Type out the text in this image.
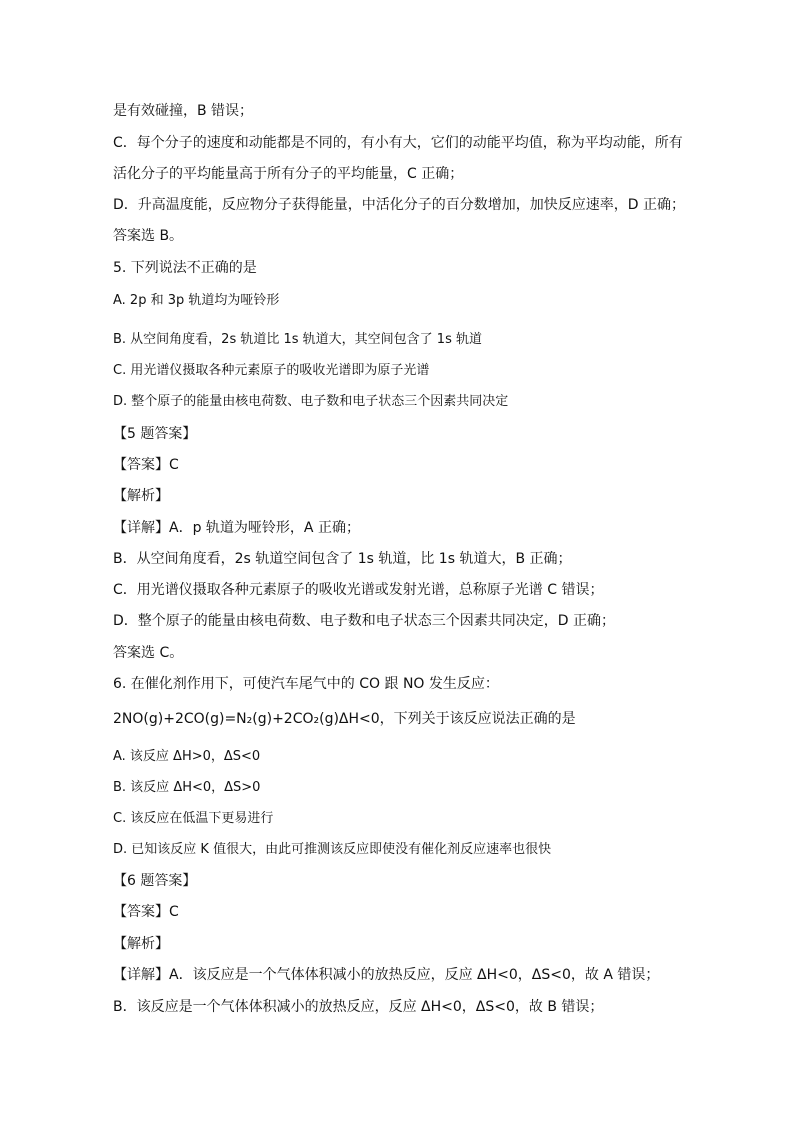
是有效碰撞，B 错误；
C．每个分子的速度和动能都是不同的，有小有大，它们的动能平均值，称为平均动能，所有
活化分子的平均能量高于所有分子的平均能量，C 正确；
D．升高温度能，反应物分子获得能量，中活化分子的百分数增加，加快反应速率，D 正确；
答案选 B。
5. 下列说法不正确的是
A. 2p 和 3p 轨道均为哑铃形
B. 从空间角度看，2s 轨道比 1s 轨道大，其空间包含了 1s 轨道
C. 用光谱仪摄取各种元素原子的吸收光谱即为原子光谱
D. 整个原子的能量由核电荷数、电子数和电子状态三个因素共同决定
【5 题答案】
【答案】C
【解析】
【详解】A．p 轨道为哑铃形，A 正确；
B．从空间角度看，2s 轨道空间包含了 1s 轨道，比 1s 轨道大，B 正确；
C．用光谱仪摄取各种元素原子的吸收光谱或发射光谱，总称原子光谱 C 错误；
D．整个原子的能量由核电荷数、电子数和电子状态三个因素共同决定，D 正确；
答案选 C。
6. 在催化剂作用下，可使汽车尾气中的 CO 跟 NO 发生反应：
2NO(g)+2CO(g)=N₂(g)+2CO₂(g)ΔH<0，下列关于该反应说法正确的是
A. 该反应 ΔH>0，ΔS<0
B. 该反应 ΔH<0，ΔS>0
C. 该反应在低温下更易进行
D. 已知该反应 K 值很大，由此可推测该反应即使没有催化剂反应速率也很快
【6 题答案】
【答案】C
【解析】
【详解】A．该反应是一个气体体积减小的放热反应，反应 ΔH<0，ΔS<0，故 A 错误；
B．该反应是一个气体体积减小的放热反应，反应 ΔH<0，ΔS<0，故 B 错误；
